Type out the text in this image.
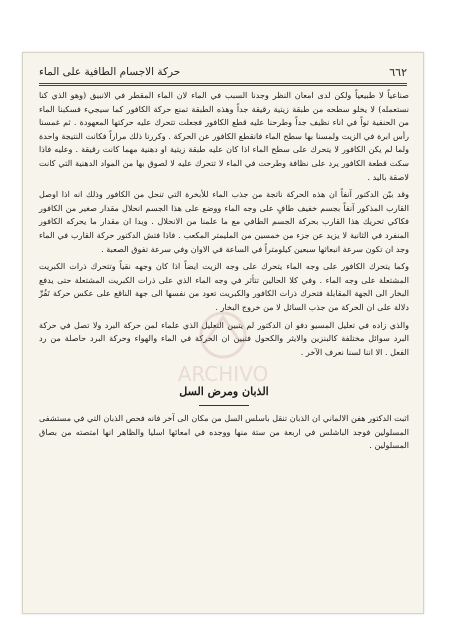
٦٦٢
حركة الاجسام الطافية على الماء

صناعياً لا طبيعياً ولكن لدى امعان النظر وجدنا السبب في الماء لان الماء المقطر في الانبيق (وهو الذي كنا نستعمله) لا يخلو سطحه من طبقة زيتية رقيقة جداً وهذه الطبقة تمنع حركة الكافور كما سيجيء فسكبنا الماء من الحنفية تواً في اناء نظيف جداً وطرحنا عليه قطع الكافور فجعلت تتحرك عليه حركتها المعهودة . ثم غمسنا رأس ابرة في الزيت ولمسنا بها سطح الماء فانقطع الكافور عن الحركة . وكررنا ذلك مراراً فكانت النتيجة واحدة ولما لم يكن الكافور لا يتحرك على سطح الماء اذا كان عليه طبقة زيتية او دهنية مهما كانت رقيقة . وعليه فاذا سكت قطعة الكافور يرد على نظافة وطرحت في الماء لا تتحرك عليه لا لصوق بها من المواد الدهنية التي كانت لاصقة باليد .

وقد بيّن الدكتور آنفاً ان هذه الحركة ناتجة من جذب الماء للأبخرة التي تنحل من الكافور وذلك انه اذا اوصل القارب المذكور آنفاً بجسم خفيف طافٍ على وجه الماء ووضع على هذا الجسم انحلال مقدار صغير من الكافور فكاكي تحريك هذا القارب بحركة الجسم الطافي مع ما علمنا من الانحلال . ويدا ان مقدار ما يحركه الكافور المنفرد في الثانية لا يزيد عن جزء من خمسين من المليمتر المكعب . فاذا فتش الدكتور حركة القارب في الماء وجد ان تكون سرعة انبعاثها سبعين كيلومتراً في الساعة في الاوان وفي سرعة تفوق الصعبة .

وكما يتحرك الكافور على وجه الماء يتحرك على وجه الزيت ايضاً اذا كان وجهه نقياً وتتحرك ذرات الكبريت المشتعلة على وجه الماء . وفي كلا الحالين تتأثر في وجه الماء الذي على ذرات الكبريت المشتعلة حتى يدفع البخار الى الجهة المقابلة فتحرك ذرات الكافور والكبريت تعود من نفسها الى جهة الناقع على عكس حركة تَفُرِّ دلالة على ان الحركة من جذب السائل لا من خروج البخار .

والذي زاده في تعليل المسيو دفو ان الدكتور لم يتبين التعليل الذي علماء لمن حركة البرد ولا تصل في حركة البرد سوائل مختلفة كالبنزين والايثر والكحول فتبين ان الحركة في الماء والهواء وحركة البرد حاصلة من رد الفعل . الا اننا لسنا نعرف الآخر .

الذبان ومرض السل

اثبت الدكتور هفن الالماني ان الذبان تنقل باسلس السل من مكان الى آخر فانه فحص الذبان التي في مستشفى المسلولين فوجد الباشلس في اربعة من ستة منها ووجده في امعائها اسليا والظاهر انها امتصته من بصاق المسلولين .

ARCHIVO
